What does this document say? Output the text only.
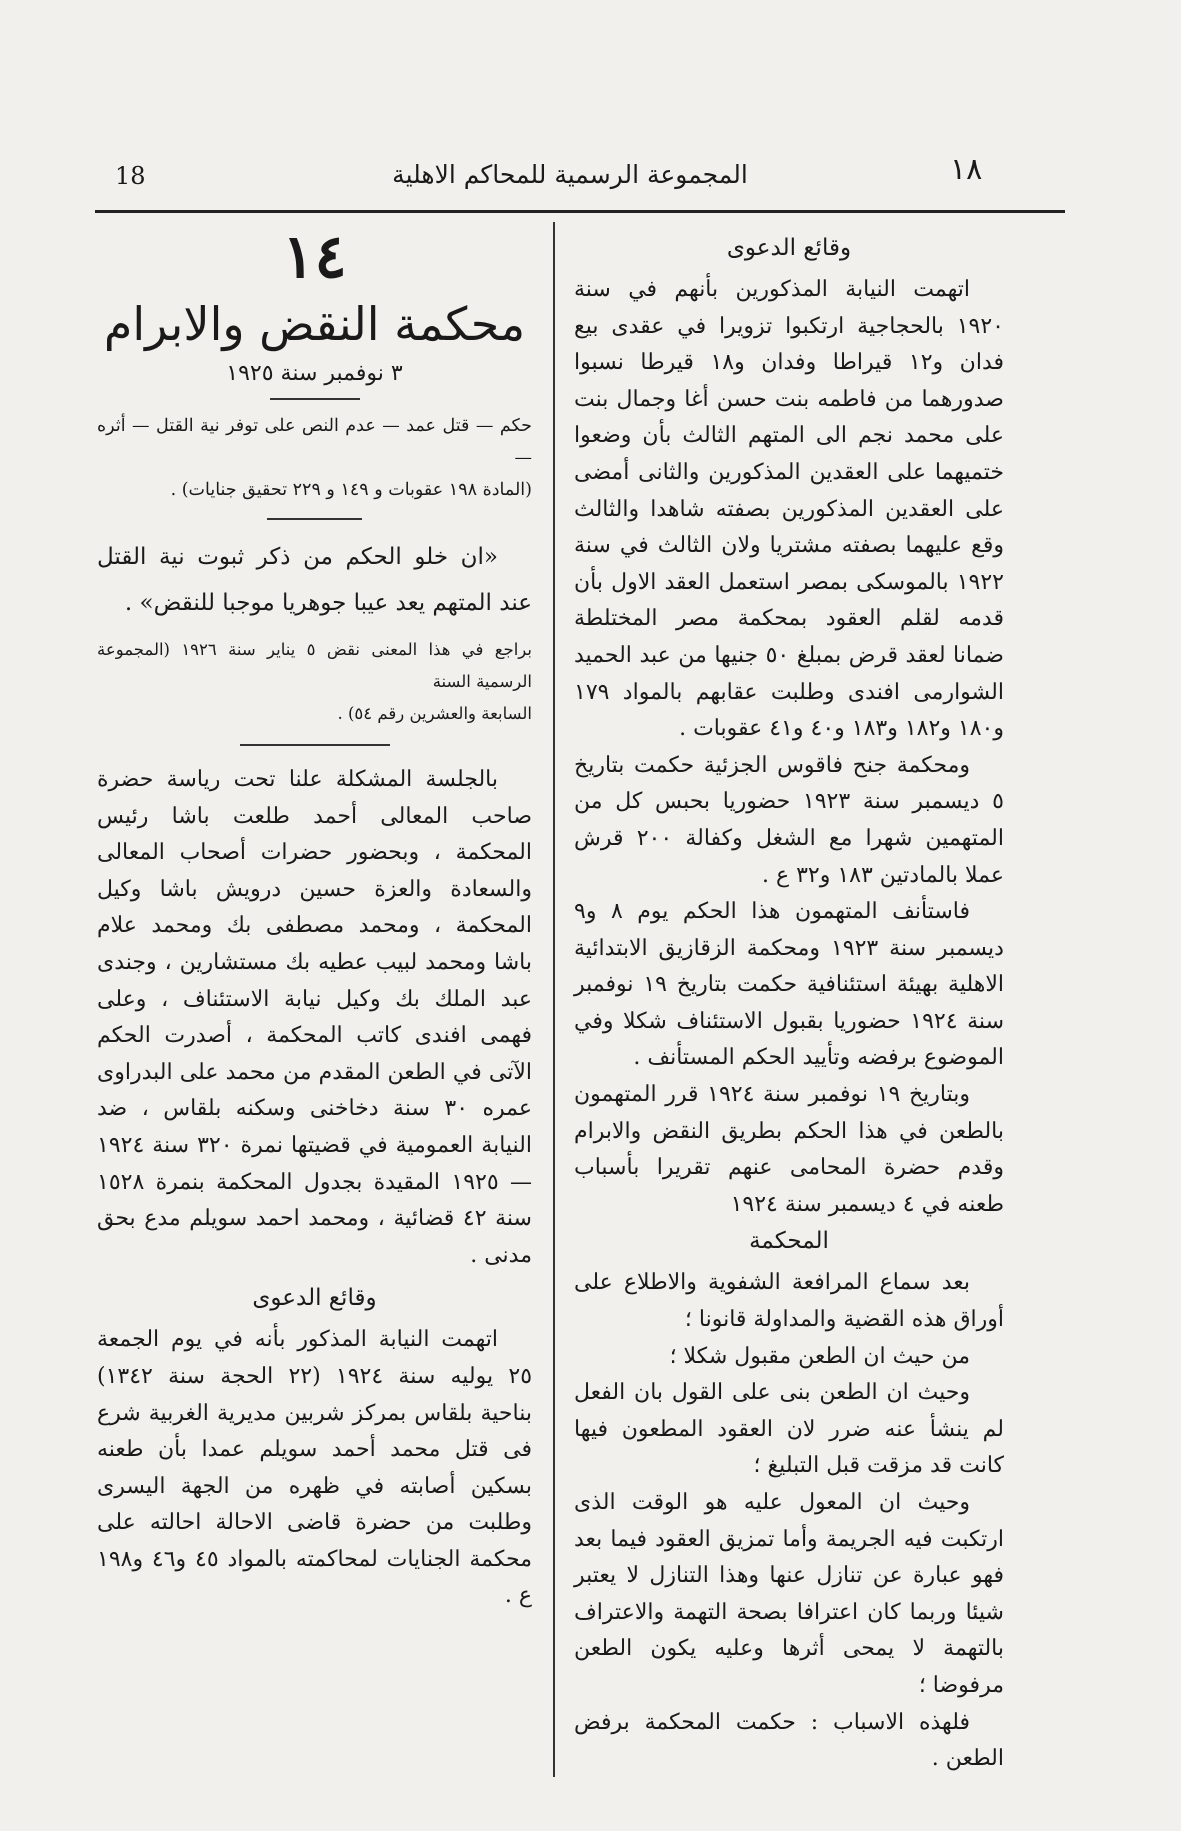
18	المجموعة الرسمية للمحاكم الاهلية	١٨

وقائع الدعوى

اتهمت النيابة المذكورين بأنهم في سنة ١٩٢٠ بالحجاجية ارتكبوا تزويرا في عقدى بيع فدان و١٢ قيراطا وفدان و١٨ قيرطا نسبوا صدورهما من فاطمه بنت حسن أغا وجمال بنت على محمد نجم الى المتهم الثالث بأن وضعوا ختميهما على العقدين المذكورين والثانى أمضى على العقدين المذكورين بصفته شاهدا والثالث وقع عليهما بصفته مشتريا ولان الثالث في سنة ١٩٢٢ بالموسكى بمصر استعمل العقد الاول بأن قدمه لقلم العقود بمحكمة مصر المختلطة ضمانا لعقد قرض بمبلغ ٥٠ جنيها من عبد الحميد الشوارمى افندى وطلبت عقابهم بالمواد ١٧٩ و١٨٠ و١٨٢ و١٨٣ و٤٠ و٤١ عقوبات .

ومحكمة جنح فاقوس الجزئية حكمت بتاريخ ٥ ديسمبر سنة ١٩٢٣ حضوريا بحبس كل من المتهمين شهرا مع الشغل وكفالة ٢٠٠ قرش عملا بالمادتين ١٨٣ و٣٢ ع .

فاستأنف المتهمون هذا الحكم يوم ٨ و٩ ديسمبر سنة ١٩٢٣ ومحكمة الزقازيق الابتدائية الاهلية بهيئة استئنافية حكمت بتاريخ ١٩ نوفمبر سنة ١٩٢٤ حضوريا بقبول الاستئناف شكلا وفي الموضوع برفضه وتأييد الحكم المستأنف .

وبتاريخ ١٩ نوفمبر سنة ١٩٢٤ قرر المتهمون بالطعن في هذا الحكم بطريق النقض والابرام وقدم حضرة المحامى عنهم تقريرا بأسباب طعنه في ٤ ديسمبر سنة ١٩٢٤

المحكمة

بعد سماع المرافعة الشفوية والاطلاع على أوراق هذه القضية والمداولة قانونا ؛

من حيث ان الطعن مقبول شكلا ؛

وحيث ان الطعن بنى على القول بان الفعل لم ينشأ عنه ضرر لان العقود المطعون فيها كانت قد مزقت قبل التبليغ ؛

وحيث ان المعول عليه هو الوقت الذى ارتكبت فيه الجريمة وأما تمزيق العقود فيما بعد فهو عبارة عن تنازل عنها وهذا التنازل لا يعتبر شيئا وربما كان اعترافا بصحة التهمة والاعتراف بالتهمة لا يمحى أثرها وعليه يكون الطعن مرفوضا ؛

فلهذه الاسباب : حكمت المحكمة برفض الطعن .

١٤

محكمة النقض والابرام

٣ نوفمبر سنة ١٩٢٥

حكم — قتل عمد — عدم النص على توفر نية القتل — أثره —

(المادة ١٩٨ عقوبات و ١٤٩ و ٢٢٩ تحقيق جنايات) .

«ان خلو الحكم من ذكر ثبوت نية القتل عند المتهم يعد عيبا جوهريا موجبا للنقض» .

براجع في هذا المعنى نقض ٥ يناير سنة ١٩٢٦ (المجموعة الرسمية السنة

السابعة والعشرين رقم ٥٤) .

بالجلسة المشكلة علنا تحت رياسة حضرة صاحب المعالى أحمد طلعت باشا رئيس المحكمة ، وبحضور حضرات أصحاب المعالى والسعادة والعزة حسين درويش باشا وكيل المحكمة ، ومحمد مصطفى بك ومحمد علام باشا ومحمد لبيب عطيه بك مستشارين ، وجندى عبد الملك بك وكيل نيابة الاستئناف ، وعلى فهمى افندى كاتب المحكمة ، أصدرت الحكم الآتى في الطعن المقدم من محمد على البدراوى عمره ٣٠ سنة دخاخنى وسكنه بلقاس ، ضد النيابة العمومية في قضيتها نمرة ٣٢٠ سنة ١٩٢٤ — ١٩٢٥ المقيدة بجدول المحكمة بنمرة ١٥٢٨ سنة ٤٢ قضائية ، ومحمد احمد سويلم مدع بحق مدنى .

وقائع الدعوى

اتهمت النيابة المذكور بأنه في يوم الجمعة ٢٥ يوليه سنة ١٩٢٤ (٢٢ الحجة سنة ١٣٤٢) بناحية بلقاس بمركز شربين مديرية الغربية شرع فى قتل محمد أحمد سويلم عمدا بأن طعنه بسكين أصابته في ظهره من الجهة اليسرى وطلبت من حضرة قاضى الاحالة احالته على محكمة الجنايات لمحاكمته بالمواد ٤٥ و٤٦ و١٩٨ ع .
